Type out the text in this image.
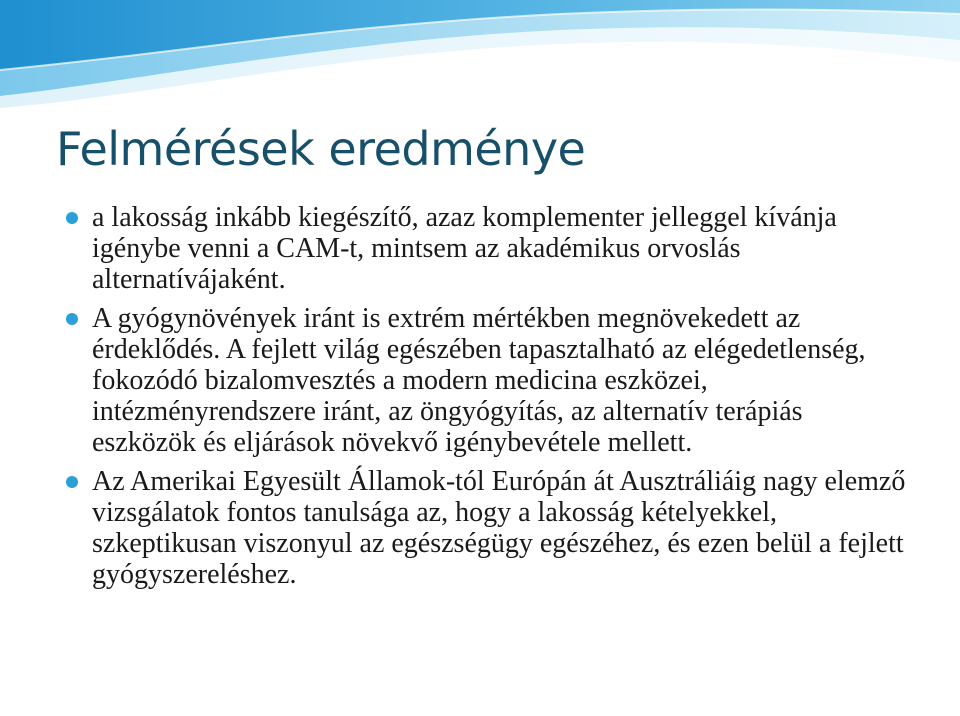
Felmérések eredménye
a lakosság inkább kiegészítő, azaz komplementer jelleggel kívánja igénybe venni a CAM-t, mintsem az akadémikus orvoslás alternatívájaként.
A gyógynövények iránt is extrém mértékben megnövekedett az érdeklődés. A fejlett világ egészében tapasztalható az elégedetlenség, fokozódó bizalomvesztés a modern medicina eszközei, intézményrendszere iránt, az öngyógyítás, az alternatív terápiás eszközök és eljárások növekvő igénybevétele mellett.
Az Amerikai Egyesült Államok-tól Európán át Ausztráliáig nagy elemző vizsgálatok fontos tanulsága az, hogy a lakosság kételyekkel, szkeptikusan viszonyul az egészségügy egészéhez, és ezen belül a fejlett gyógyszereléshez.
